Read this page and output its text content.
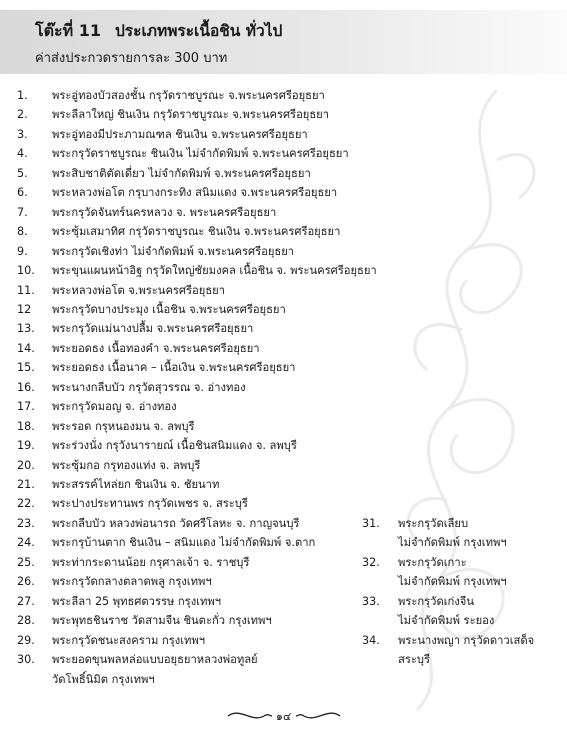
โต๊ะที่ 11 ประเภทพระเนื้อชิน ทั่วไป
ค่าส่งประกวดรายการละ 300 บาท
1.	พระอู่ทองบัวสองชั้น กรุวัดราชบูรณะ จ.พระนครศรีอยุธยา
2.	พระลีลาใหญ่ ชินเงิน กรุวัดราชบูรณะ จ.พระนครศรีอยุธยา
3.	พระอู่ทองมีประภามณฑล ชินเงิน จ.พระนครศรีอยุธยา
4.	พระกรุวัดราชบูรณะ ชินเงิน ไม่จำกัดพิมพ์ จ.พระนครศรีอยุธยา
5.	พระสิบชาติตัดเดี่ยว ไม่จำกัดพิมพ์ จ.พระนครศรีอยุธยา
6.	พระหลวงพ่อโต กรุบางกระทิง สนิมแดง จ.พระนครศรีอยุธยา
7.	พระกรุวัดจันทร์นครหลวง จ. พระนครศรีอยุธยา
8.	พระซุ้มเสมาทิศ กรุวัดราชบูรณะ ชินเงิน จ.พระนครศรีอยุธยา
9.	พระกรุวัดเชิงท่า ไม่จำกัดพิมพ์ จ.พระนครศรีอยุธยา
10.	พระขุนแผนหน้าอิฐ กรุวัดใหญ่ชัยมงคล เนื้อชิน จ. พระนครศรีอยุธยา
11.	พระหลวงพ่อโต จ.พระนครศรีอยุธยา
12	พระกรุวัดบางประมุง เนื้อชิน จ.พระนครศรีอยุธยา
13.	พระกรุวัดแม่นางปลื้ม จ.พระนครศรีอยุธยา
14.	พระยอดธง เนื้อทองคำ จ.พระนครศรีอยุธยา
15.	พระยอดธง เนื้อนาค – เนื้อเงิน จ.พระนครศรีอยุธยา
16.	พระนางกลีบบัว กรุวัดสุวรรณ จ. อ่างทอง
17.	พระกรุวัดมอญ จ. อ่างทอง
18.	พระรอด กรุหนองมน จ. ลพบุรี
19.	พระร่วงนั่ง กรุวังนารายณ์ เนื้อชินสนิมแดง จ. ลพบุรี
20.	พระซุ้มกอ กรุทองแท่ง จ. ลพบุรี
21.	พระสรรค์ไหล่ยก ชินเงิน จ. ชัยนาท
22.	พระปางประทานพร กรุวัดเพชร จ. สระบุรี
23.	พระกลีบบัว หลวงพ่อนารถ วัดศรีโลหะ จ. กาญจนบุรี
24.	พระกรุบ้านตาก ชินเงิน – สนิมแดง ไม่จำกัดพิมพ์ จ.ตาก
25.	พระท่ากระดานน้อย กรุศาลเจ้า จ. ราชบุรี
26.	พระกรุวัดกลางตลาดพลู กรุงเทพฯ
27.	พระลีลา 25 พุทธศตวรรษ กรุงเทพฯ
28.	พระพุทธชินราช วัดสามจีน ชินตะกั่ว กรุงเทพฯ
29.	พระกรุวัดชนะสงคราม กรุงเทพฯ
30.	พระยอดขุนพลหล่อแบบอยุธยาหลวงพ่อทูลย์
วัดโพธิ์นิมิต กรุงเทพฯ
31. พระกรุวัดเลียบ
ไม่จำกัดพิมพ์ กรุงเทพฯ
32. พระกรุวัดเกาะ
ไม่จำกัดพิมพ์ กรุงเทพฯ
33. พระกรุวัดเก่งจีน
ไม่จำกัดพิมพ์ ระยอง
34. พระนางพญา กรุวัดดาวเสด็จ
สระบุรี
๑๔
